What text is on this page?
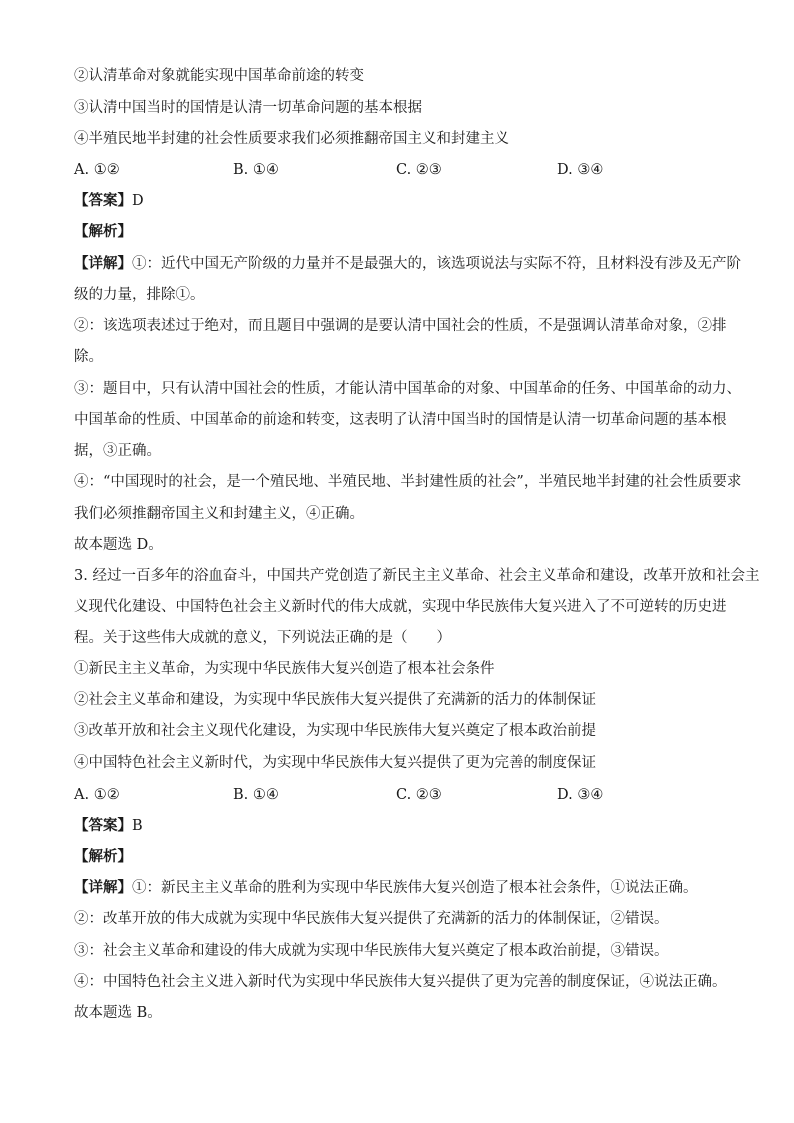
②认清革命对象就能实现中国革命前途的转变
③认清中国当时的国情是认清一切革命问题的基本根据
④半殖民地半封建的社会性质要求我们必须推翻帝国主义和封建主义
A. ①②	B. ①④	C. ②③	D. ③④
【答案】D
【解析】
【详解】①：近代中国无产阶级的力量并不是最强大的，该选项说法与实际不符，且材料没有涉及无产阶
级的力量，排除①。
②：该选项表述过于绝对，而且题目中强调的是要认清中国社会的性质，不是强调认清革命对象，②排
除。
③：题目中，只有认清中国社会的性质，才能认清中国革命的对象、中国革命的任务、中国革命的动力、
中国革命的性质、中国革命的前途和转变，这表明了认清中国当时的国情是认清一切革命问题的基本根
据，③正确。
④：“中国现时的社会，是一个殖民地、半殖民地、半封建性质的社会”，半殖民地半封建的社会性质要求
我们必须推翻帝国主义和封建主义，④正确。
故本题选 D。
3. 经过一百多年的浴血奋斗，中国共产党创造了新民主主义革命、社会主义革命和建设，改革开放和社会主
义现代化建设、中国特色社会主义新时代的伟大成就，实现中华民族伟大复兴进入了不可逆转的历史进
程。关于这些伟大成就的意义，下列说法正确的是（　　）
①新民主主义革命，为实现中华民族伟大复兴创造了根本社会条件
②社会主义革命和建设，为实现中华民族伟大复兴提供了充满新的活力的体制保证
③改革开放和社会主义现代化建设，为实现中华民族伟大复兴奠定了根本政治前提
④中国特色社会主义新时代，为实现中华民族伟大复兴提供了更为完善的制度保证
A. ①②	B. ①④	C. ②③	D. ③④
【答案】B
【解析】
【详解】①：新民主主义革命的胜利为实现中华民族伟大复兴创造了根本社会条件，①说法正确。
②：改革开放的伟大成就为实现中华民族伟大复兴提供了充满新的活力的体制保证，②错误。
③：社会主义革命和建设的伟大成就为实现中华民族伟大复兴奠定了根本政治前提，③错误。
④：中国特色社会主义进入新时代为实现中华民族伟大复兴提供了更为完善的制度保证，④说法正确。
故本题选 B。
